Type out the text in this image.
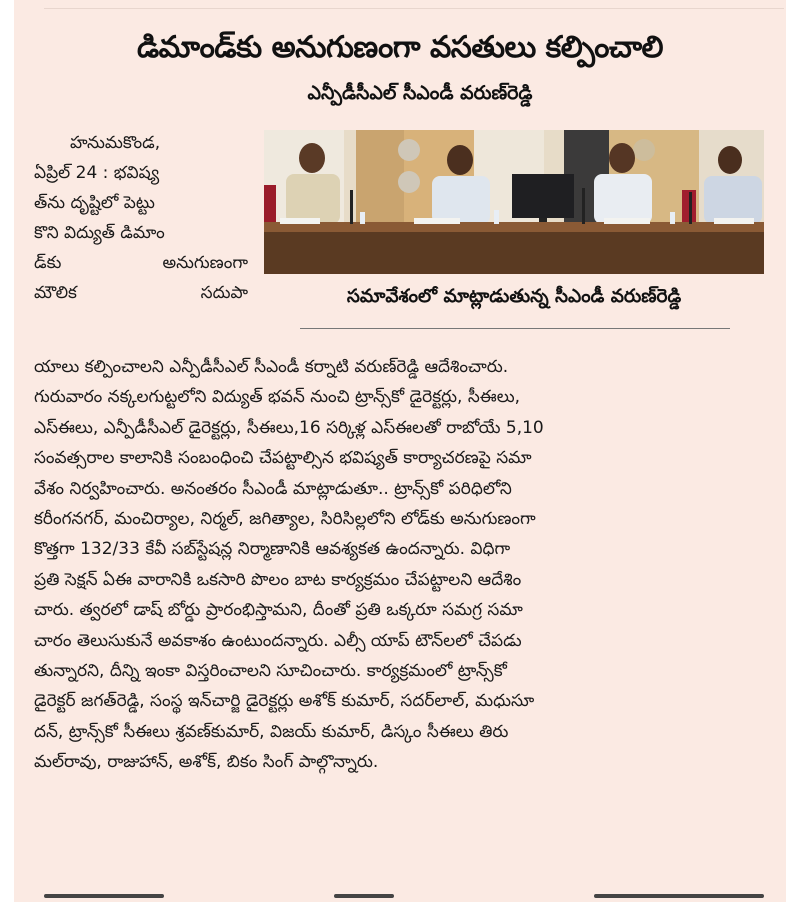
డిమాండ్‌కు అనుగుణంగా వసతులు కల్పించాలి
ఎన్పీడీసీఎల్ సీఎండీ వరుణ్‌రెడ్డి
సమావేశంలో మాట్లాడుతున్న సీఎండీ వరుణ్‌రెడ్డి
హనుమకొండ,
ఏప్రిల్ 24 : భవిష్య
త్‌ను దృష్టిలో పెట్టు
కొని విద్యుత్ డిమాం
డ్‌కు	అనుగుణంగా
మౌలిక	సదుపా
యాలు కల్పించాలని ఎన్పీడీసీఎల్ సీఎండీ కర్నాటి వరుణ్‌రెడ్డి ఆదేశించారు.
గురువారం నక్కలగుట్టలోని విద్యుత్ భవన్ నుంచి ట్రాన్స్‌కో డైరెక్టర్లు, సీఈలు,
ఎస్ఈలు, ఎన్పీడీసీఎల్ డైరెక్టర్లు, సీఈలు,16 సర్కిళ్ల ఎస్ఈలతో రాబోయే 5,10
సంవత్సరాల కాలానికి సంబంధించి చేపట్టాల్సిన భవిష్యత్ కార్యాచరణపై సమా
వేశం నిర్వహించారు. అనంతరం సీఎండీ మాట్లాడుతూ.. ట్రాన్స్‌కో పరిధిలోని
కరీంగనగర్, మంచిర్యాల, నిర్మల్, జగిత్యాల, సిరిసిల్లలోని లోడ్‌కు అనుగుణంగా
కొత్తగా 132/33 కేవీ సబ్‌స్టేషన్ల నిర్మాణానికి ఆవశ్యకత ఉందన్నారు. విధిగా
ప్రతి సెక్షన్ ఏఈ వారానికి ఒకసారి పొలం బాట కార్యక్రమం చేపట్టాలని ఆదేశిం
చారు. త్వరలో డాష్ బోర్డు ప్రారంభిస్తామని, దీంతో ప్రతి ఒక్కరూ సమగ్ర సమా
చారం తెలుసుకునే అవకాశం ఉంటుందన్నారు. ఎల్సీ యాప్ టౌన్‌లలో చేపడు
తున్నారని, దీన్ని ఇంకా విస్తరించాలని సూచించారు. కార్యక్రమంలో ట్రాన్స్‌కో
డైరెక్టర్ జగత్‌రెడ్డి, సంస్థ ఇన్‌చార్జి డైరెక్టర్లు అశోక్ కుమార్, సదర్‌లాల్, మధుసూ
దన్, ట్రాన్స్‌కో సీఈలు శ్రవణ్‌కుమార్, విజయ్ కుమార్, డిస్కం సీఈలు తిరు
మల్‌రావు, రాజుహాన్, అశోక్, బికం సింగ్ పాల్గొన్నారు.
